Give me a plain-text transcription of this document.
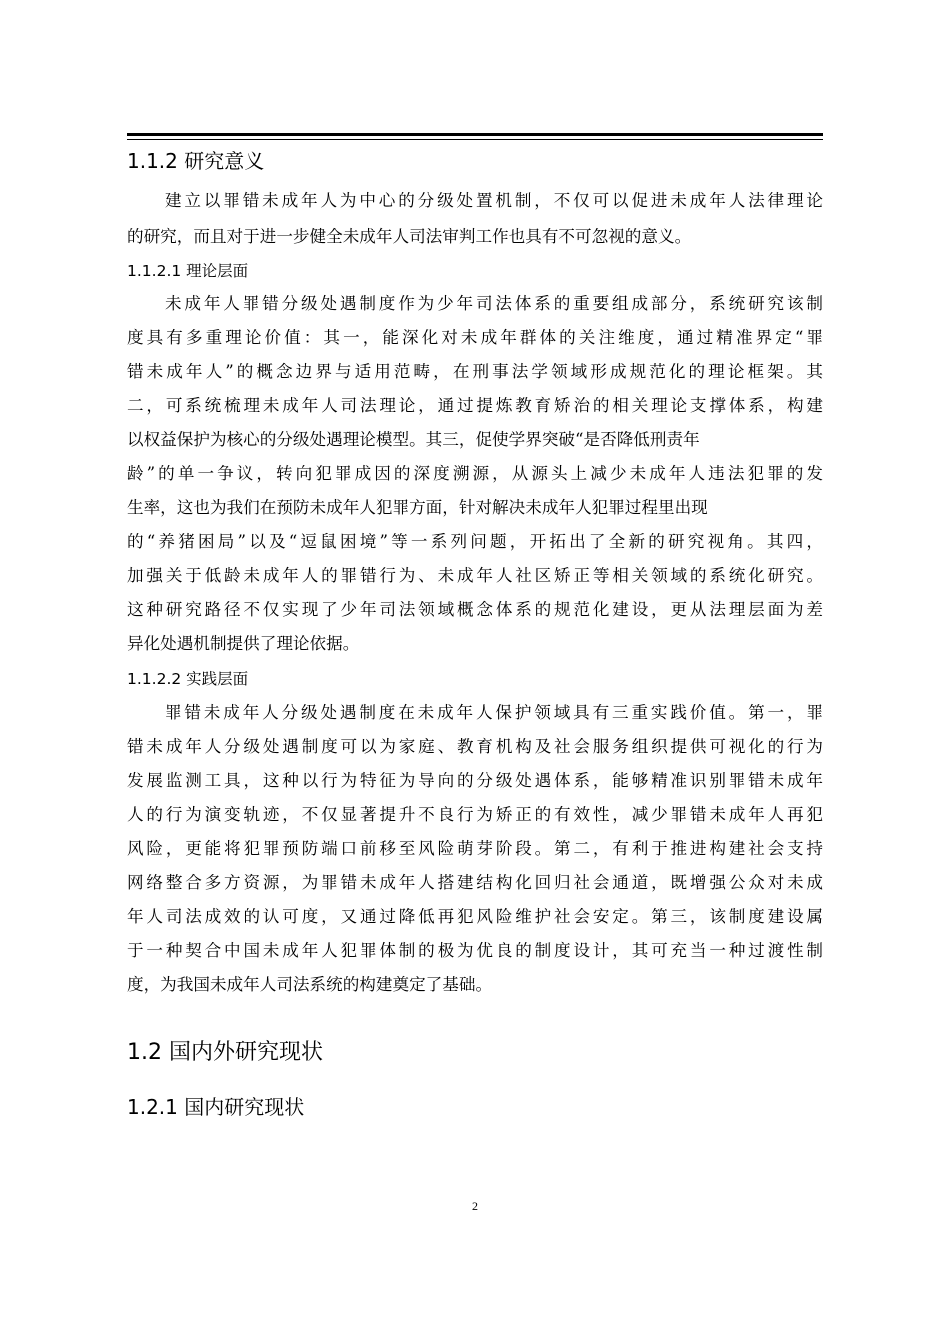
1.1.2 研究意义
建立以罪错未成年人为中心的分级处置机制，不仅可以促进未成年人法律理论
的研究，而且对于进一步健全未成年人司法审判工作也具有不可忽视的意义。
1.1.2.1 理论层面
未成年人罪错分级处遇制度作为少年司法体系的重要组成部分，系统研究该制
度具有多重理论价值：其一，能深化对未成年群体的关注维度，通过精准界定“罪
错未成年人”的概念边界与适用范畴，在刑事法学领域形成规范化的理论框架。其
二，可系统梳理未成年人司法理论，通过提炼教育矫治的相关理论支撑体系，构建
以权益保护为核心的分级处遇理论模型。其三，促使学界突破“是否降低刑责年
龄”的单一争议，转向犯罪成因的深度溯源，从源头上减少未成年人违法犯罪的发
生率，这也为我们在预防未成年人犯罪方面，针对解决未成年人犯罪过程里出现
的“养猪困局”以及“逗鼠困境”等一系列问题，开拓出了全新的研究视角。其四，
加强关于低龄未成年人的罪错行为、未成年人社区矫正等相关领域的系统化研究。
这种研究路径不仅实现了少年司法领域概念体系的规范化建设，更从法理层面为差
异化处遇机制提供了理论依据。
1.1.2.2 实践层面
罪错未成年人分级处遇制度在未成年人保护领域具有三重实践价值。第一，罪
错未成年人分级处遇制度可以为家庭、教育机构及社会服务组织提供可视化的行为
发展监测工具，这种以行为特征为导向的分级处遇体系，能够精准识别罪错未成年
人的行为演变轨迹，不仅显著提升不良行为矫正的有效性，减少罪错未成年人再犯
风险，更能将犯罪预防端口前移至风险萌芽阶段。第二，有利于推进构建社会支持
网络整合多方资源，为罪错未成年人搭建结构化回归社会通道，既增强公众对未成
年人司法成效的认可度，又通过降低再犯风险维护社会安定。第三，该制度建设属
于一种契合中国未成年人犯罪体制的极为优良的制度设计，其可充当一种过渡性制
度，为我国未成年人司法系统的构建奠定了基础。
1.2 国内外研究现状
1.2.1 国内研究现状
2
